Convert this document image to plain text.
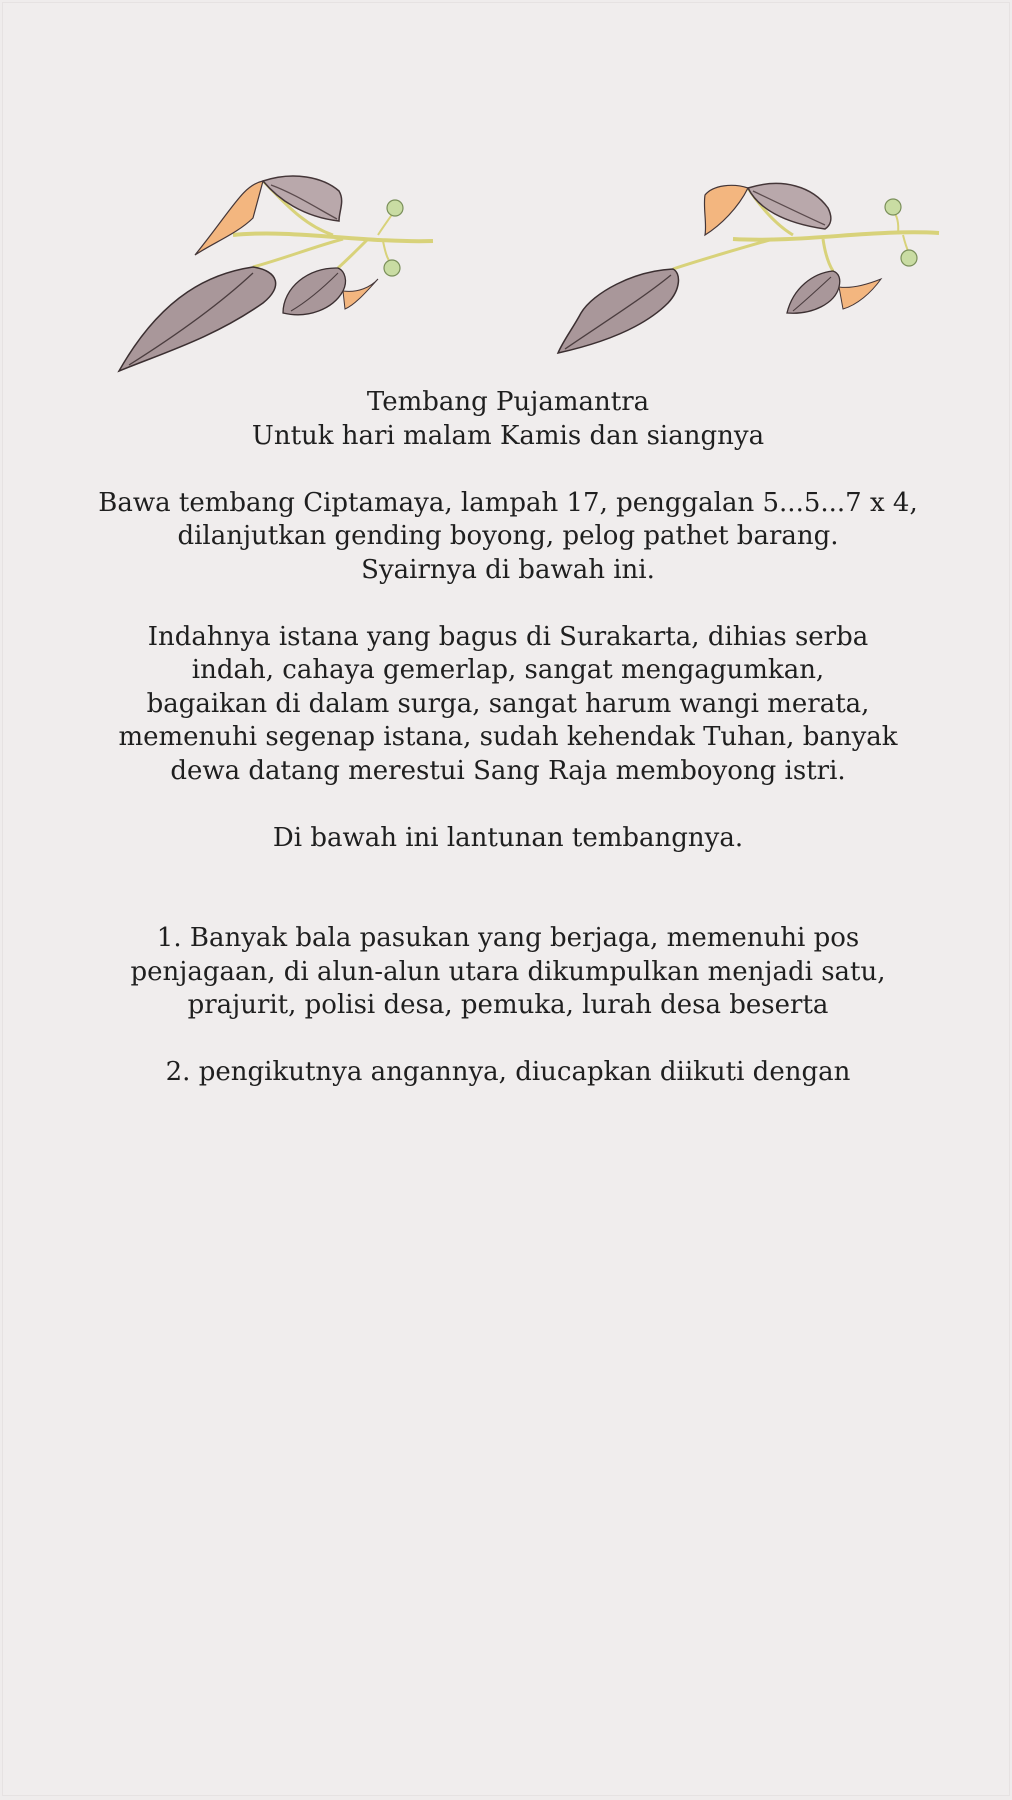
Tembang Pujamantra
Untuk hari malam Kamis dan siangnya
Bawa tembang Ciptamaya, lampah 17, penggalan 5...5...7 x 4,
dilanjutkan gending boyong, pelog pathet barang.
Syairnya di bawah ini.
Indahnya istana yang bagus di Surakarta, dihias serba
indah, cahaya gemerlap, sangat mengagumkan,
bagaikan di dalam surga, sangat harum wangi merata,
memenuhi segenap istana, sudah kehendak Tuhan, banyak
dewa datang merestui Sang Raja memboyong istri.
Di bawah ini lantunan tembangnya.
1. Banyak bala pasukan yang berjaga, memenuhi pos
penjagaan, di alun-alun utara dikumpulkan menjadi satu,
prajurit, polisi desa, pemuka, lurah desa beserta
2. pengikutnya angannya, diucapkan diikuti dengan
